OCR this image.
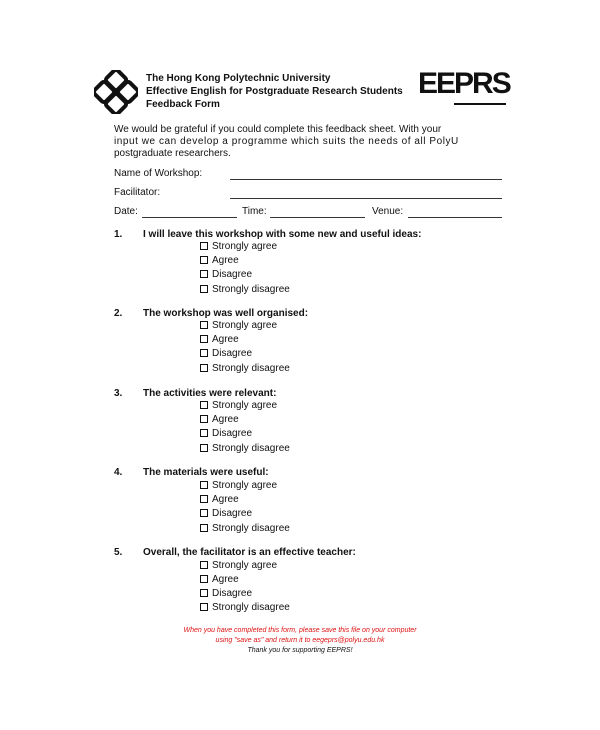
The Hong Kong Polytechnic University
Effective English for Postgraduate Research Students
Feedback Form
EEPRS
We would be grateful if you could complete this feedback sheet. With your
input we can develop a programme which suits the needs of all PolyU
postgraduate researchers.
Name of Workshop:
Facilitator:
Date:	Time:	Venue:
1. I will leave this workshop with some new and useful ideas:
Strongly agree
Agree
Disagree
Strongly disagree
2. The workshop was well organised:
Strongly agree
Agree
Disagree
Strongly disagree
3. The activities were relevant:
Strongly agree
Agree
Disagree
Strongly disagree
4. The materials were useful:
Strongly agree
Agree
Disagree
Strongly disagree
5. Overall, the facilitator is an effective teacher:
Strongly agree
Agree
Disagree
Strongly disagree
When you have completed this form, please save this file on your computer
using "save as" and return it to eegeprs@polyu.edu.hk
Thank you for supporting EEPRS!
